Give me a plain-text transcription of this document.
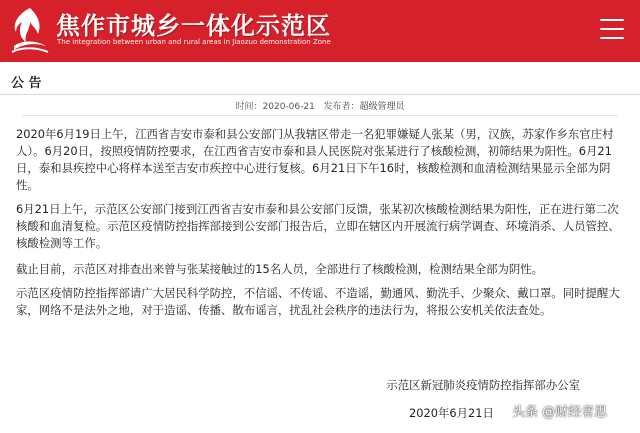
焦作市城乡一体化示范区
The integration between urban and rural areas in Jiaozuo demonstration Zone
公 告
时间：2020-06-21 发布者：超级管理员

2020年6月19日上午，江西省吉安市泰和县公安部门从我辖区带走一名犯罪嫌疑人张某（男，汉族，苏家作乡东官庄村人）。6月20日，按照疫情防控要求，在江西省吉安市泰和县人民医院对张某进行了核酸检测，初筛结果为阳性。6月21日，泰和县疾控中心将样本送至吉安市疾控中心进行复核。6月21日下午16时，核酸检测和血清检测结果显示全部为阴性。

6月21日上午，示范区公安部门接到江西省吉安市泰和县公安部门反馈，张某初次核酸检测结果为阳性，正在进行第二次核酸和血清复检。示范区疫情防控指挥部接到公安部门报告后，立即在辖区内开展流行病学调查、环境消杀、人员管控、核酸检测等工作。

截止目前，示范区对排查出来曾与张某接触过的15名人员，全部进行了核酸检测，检测结果全部为阴性。

示范区疫情防控指挥部请广大居民科学防控，不信谣、不传谣、不造谣，勤通风、勤洗手、少聚众、戴口罩。同时提醒大家，网络不是法外之地，对于造谣、传播、散布谣言，扰乱社会秩序的违法行为，将报公安机关依法查处。

示范区新冠肺炎疫情防控指挥部办公室
2020年6月21日 头条 @财经者思
